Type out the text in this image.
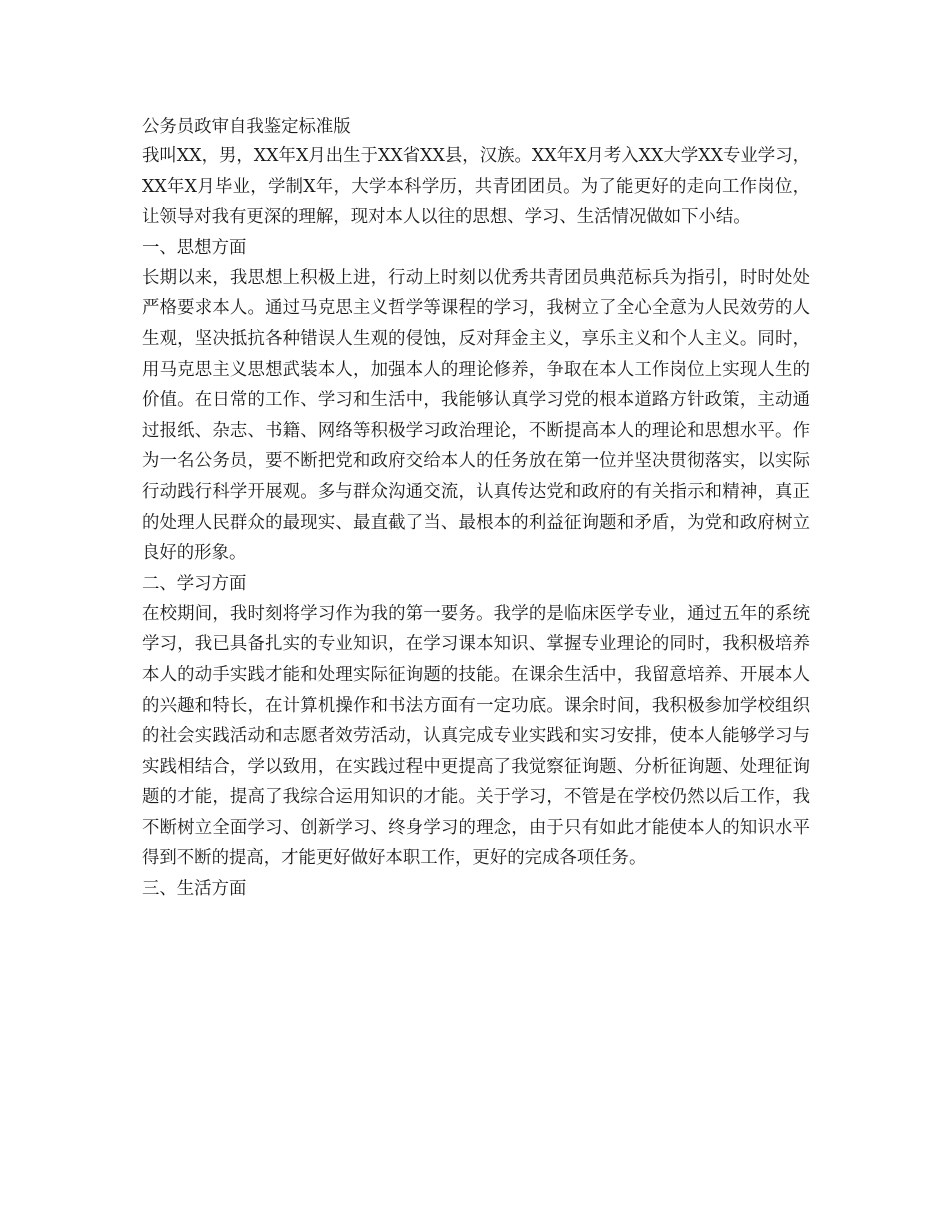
公务员政审自我鉴定标准版

我叫XX，男，XX年X月出生于XX省XX县，汉族。XX年X月考入XX大学XX专业学习，XX年X月毕业，学制X年，大学本科学历，共青团团员。为了能更好的走向工作岗位，让领导对我有更深的理解，现对本人以往的思想、学习、生活情况做如下小结。

一、思想方面

长期以来，我思想上积极上进，行动上时刻以优秀共青团员典范标兵为指引，时时处处严格要求本人。通过马克思主义哲学等课程的学习，我树立了全心全意为人民效劳的人生观，坚决抵抗各种错误人生观的侵蚀，反对拜金主义，享乐主义和个人主义。同时，用马克思主义思想武装本人，加强本人的理论修养，争取在本人工作岗位上实现人生的价值。在日常的工作、学习和生活中，我能够认真学习党的根本道路方针政策，主动通过报纸、杂志、书籍、网络等积极学习政治理论，不断提高本人的理论和思想水平。作为一名公务员，要不断把党和政府交给本人的任务放在第一位并坚决贯彻落实，以实际行动践行科学开展观。多与群众沟通交流，认真传达党和政府的有关指示和精神，真正的处理人民群众的最现实、最直截了当、最根本的利益征询题和矛盾，为党和政府树立良好的形象。

二、学习方面

在校期间，我时刻将学习作为我的第一要务。我学的是临床医学专业，通过五年的系统学习，我已具备扎实的专业知识，在学习课本知识、掌握专业理论的同时，我积极培养本人的动手实践才能和处理实际征询题的技能。在课余生活中，我留意培养、开展本人的兴趣和特长，在计算机操作和书法方面有一定功底。课余时间，我积极参加学校组织的社会实践活动和志愿者效劳活动，认真完成专业实践和实习安排，使本人能够学习与实践相结合，学以致用，在实践过程中更提高了我觉察征询题、分析征询题、处理征询题的才能，提高了我综合运用知识的才能。关于学习，不管是在学校仍然以后工作，我不断树立全面学习、创新学习、终身学习的理念，由于只有如此才能使本人的知识水平得到不断的提高，才能更好做好本职工作，更好的完成各项任务。

三、生活方面
